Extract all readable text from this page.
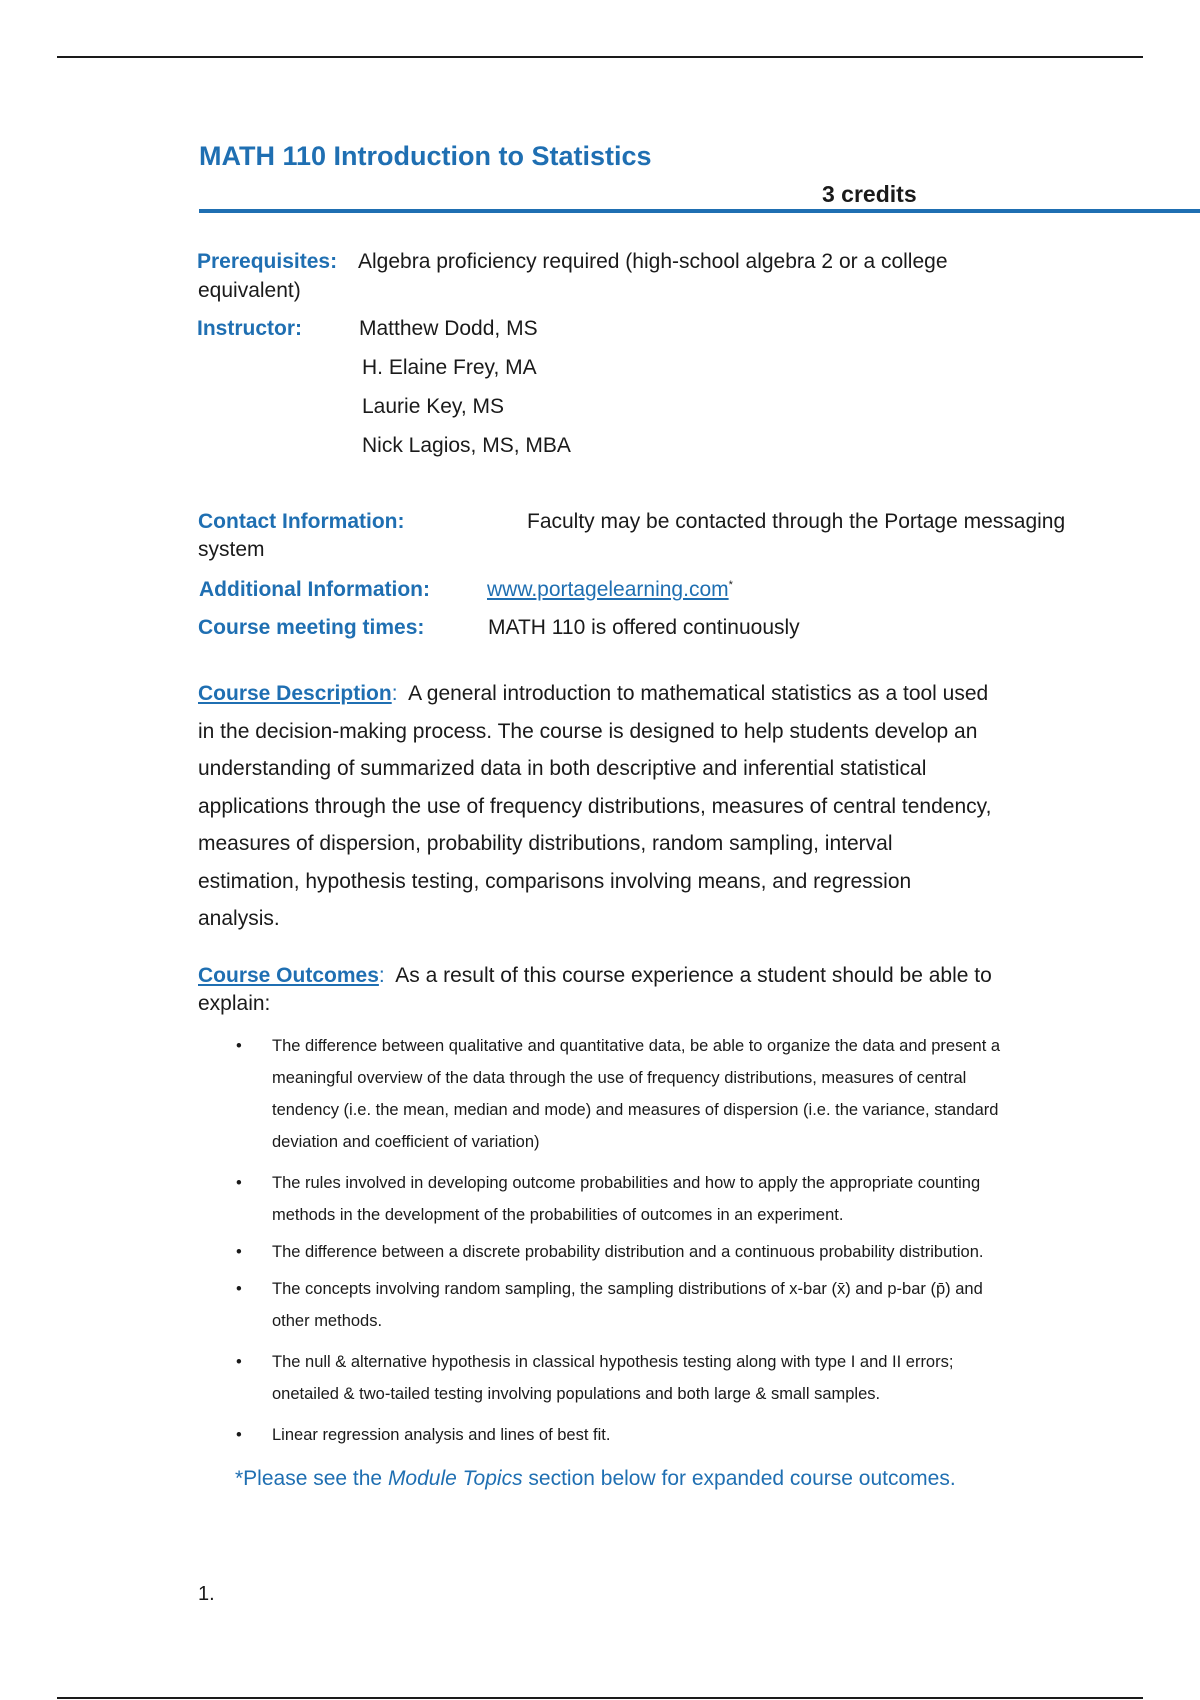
MATH 110 Introduction to Statistics
3 credits
Prerequisites: Algebra proficiency required (high-school algebra 2 or a college
equivalent)
Instructor:	Matthew Dodd, MS
H. Elaine Frey, MA
Laurie Key, MS
Nick Lagios, MS, MBA
Contact Information:	Faculty may be contacted through the Portage messaging
system
Additional Information:	www.portagelearning.com*
Course meeting times:	MATH 110 is offered continuously
Course Description: A general introduction to mathematical statistics as a tool used in the decision-making process. The course is designed to help students develop an understanding of summarized data in both descriptive and inferential statistical applications through the use of frequency distributions, measures of central tendency, measures of dispersion, probability distributions, random sampling, interval estimation, hypothesis testing, comparisons involving means, and regression analysis.
Course Outcomes: As a result of this course experience a student should be able to explain:
• The difference between qualitative and quantitative data, be able to organize the data and present a meaningful overview of the data through the use of frequency distributions, measures of central tendency (i.e. the mean, median and mode) and measures of dispersion (i.e. the variance, standard deviation and coefficient of variation)
• The rules involved in developing outcome probabilities and how to apply the appropriate counting methods in the development of the probabilities of outcomes in an experiment.
• The difference between a discrete probability distribution and a continuous probability distribution.
• The concepts involving random sampling, the sampling distributions of x-bar (x̄) and p-bar (p̄) and other methods.
• The null & alternative hypothesis in classical hypothesis testing along with type I and II errors; onetailed & two-tailed testing involving populations and both large & small samples.
• Linear regression analysis and lines of best fit.
*Please see the Module Topics section below for expanded course outcomes.
1.
